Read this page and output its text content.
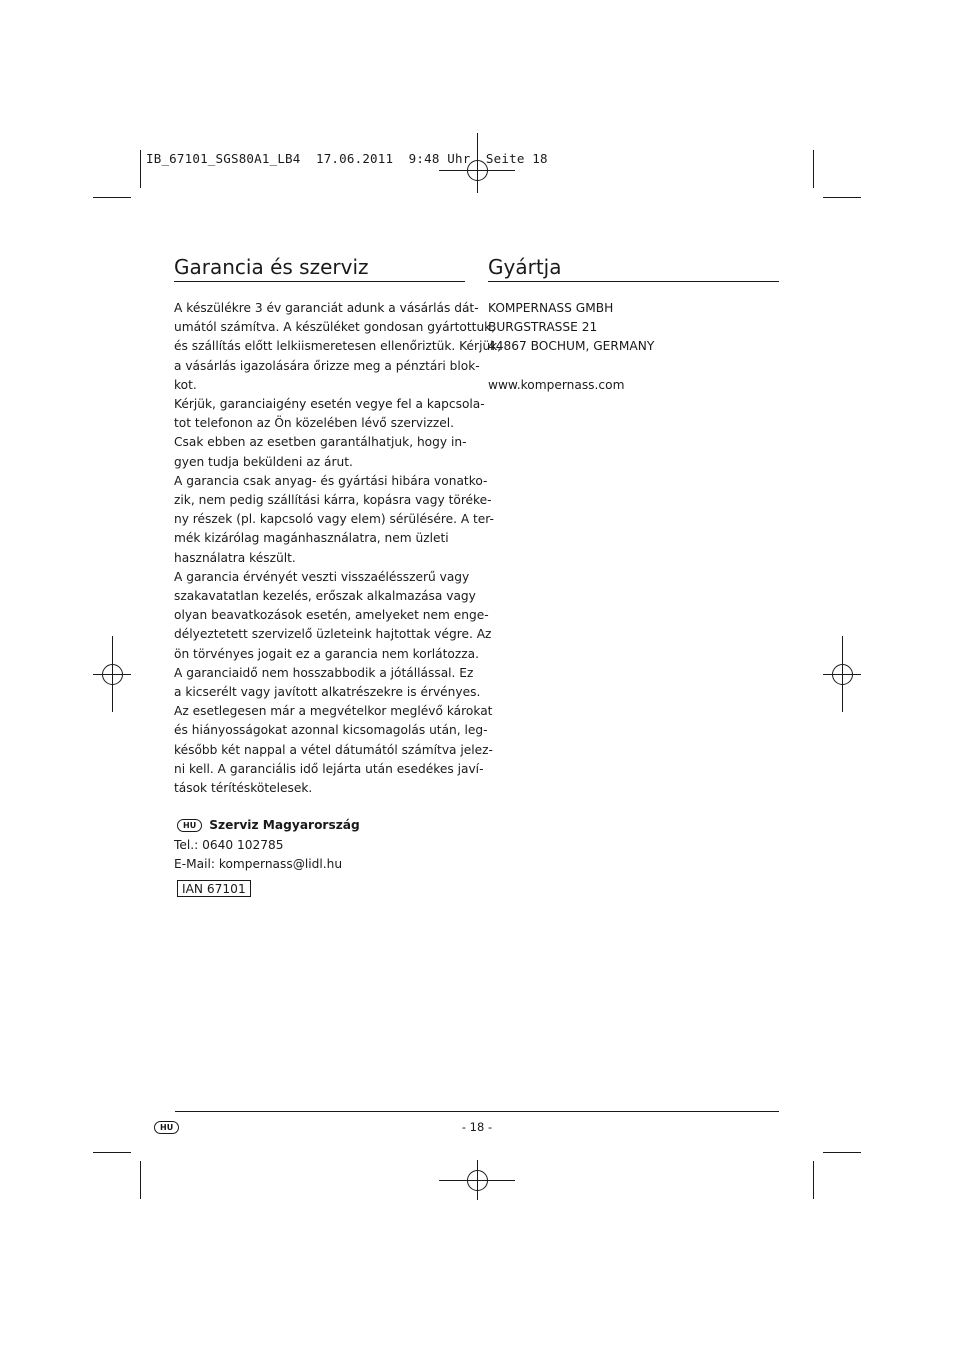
IB_67101_SGS80A1_LB4  17.06.2011  9:48 Uhr  Seite 18
Garancia és szerviz
A készülékre 3 év garanciát adunk a vásárlás dát-
umától számítva. A készüléket gondosan gyártottuk,
és szállítás előtt lelkiismeretesen ellenőriztük. Kérjük,
a vásárlás igazolására őrizze meg a pénztári blok-
kot.
Kérjük, garanciaigény esetén vegye fel a kapcsola-
tot telefonon az Ön közelében lévő szervizzel.
Csak ebben az esetben garantálhatjuk, hogy in-
gyen tudja beküldeni az árut.
A garancia csak anyag- és gyártási hibára vonatko-
zik, nem pedig szállítási kárra, kopásra vagy töréke-
ny részek (pl. kapcsoló vagy elem) sérülésére. A ter-
mék kizárólag magánhasználatra, nem üzleti
használatra készült.
A garancia érvényét veszti visszaélésszerű vagy
szakavatatlan kezelés, erőszak alkalmazása vagy
olyan beavatkozások esetén, amelyeket nem enge-
délyeztetett szervizelő üzleteink hajtottak végre. Az
ön törvényes jogait ez a garancia nem korlátozza.
A garanciaidő nem hosszabbodik a jótállással. Ez
a kicserélt vagy javított alkatrészekre is érvényes.
Az esetlegesen már a megvételkor meglévő károkat
és hiányosságokat azonnal kicsomagolás után, leg-
később két nappal a vétel dátumától számítva jelez-
ni kell. A garanciális idő lejárta után esedékes javí-
tások térítéskötelesek.
HU	Szerviz Magyarország
Tel.: 0640 102785
E-Mail: kompernass@lidl.hu
IAN 67101
Gyártja
KOMPERNASS GMBH
BURGSTRASSE 21
44867 BOCHUM, GERMANY
www.kompernass.com
HU	- 18 -
